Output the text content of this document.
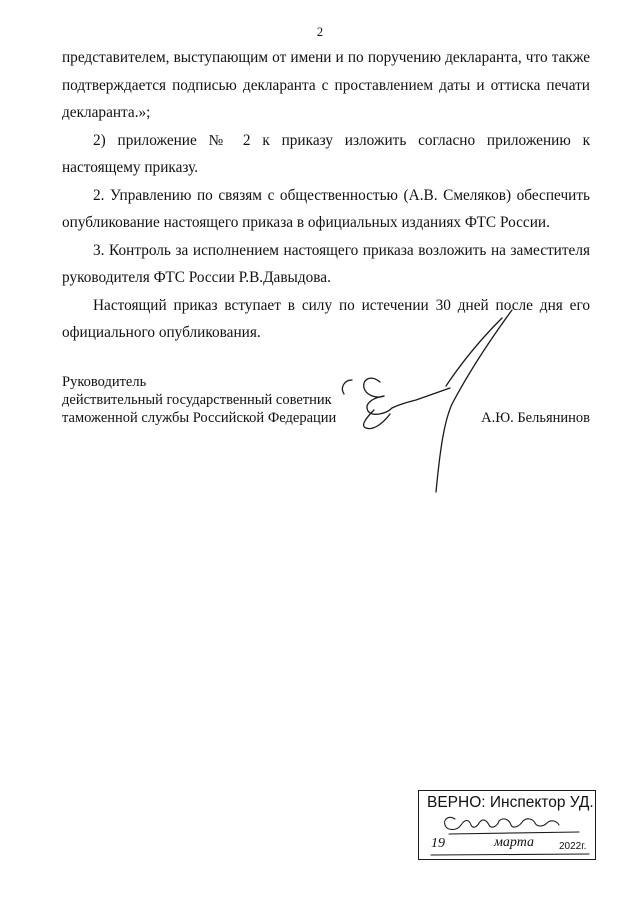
2

представителем, выступающим от имени и по поручению декларанта, что также подтверждается подписью декларанта с проставлением даты и оттиска печати декларанта.»;

2) приложение № 2 к приказу изложить согласно приложению к настоящему приказу.

2. Управлению по связям с общественностью (А.В. Смеляков) обеспечить опубликование настоящего приказа в официальных изданиях ФТС России.

3. Контроль за исполнением настоящего приказа возложить на заместителя руководителя ФТС России Р.В.Давыдова.

Настоящий приказ вступает в силу по истечении 30 дней после дня его официального опубликования.

Руководитель
действительный государственный советник
таможенной службы Российской Федерации	А.Ю. Бельянинов
ВЕРНО: Инспектор УД.
19	марта 2022г.
